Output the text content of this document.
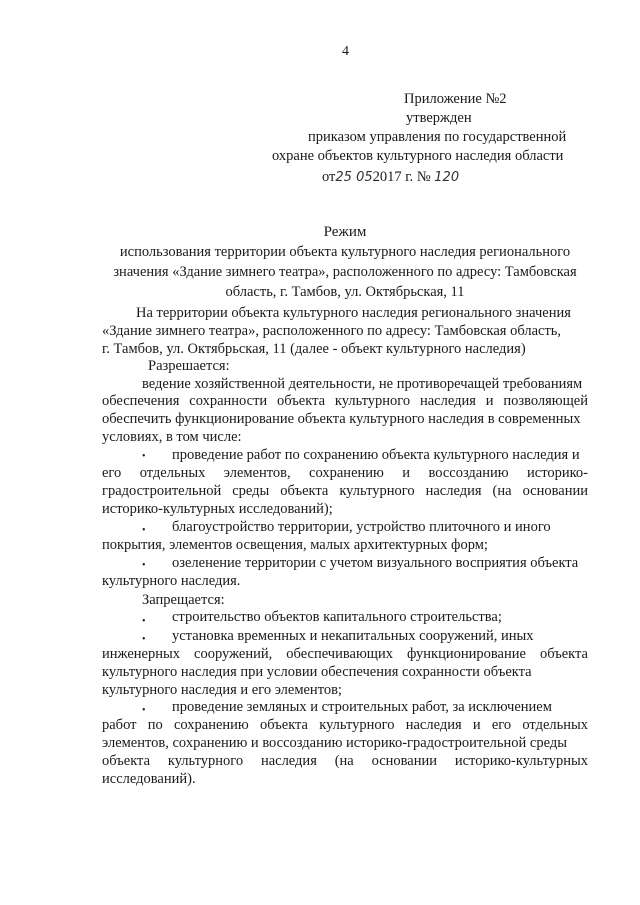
4
Приложение №2
утвержден
приказом управления по государственной
охране объектов культурного наследия области
от25 052017 г. № 120
Режим
использования территории объекта культурного наследия регионального
значения «Здание зимнего театра», расположенного по адресу: Тамбовская
область, г. Тамбов, ул. Октябрьская, 11
На территории объекта культурного наследия регионального значения
«Здание зимнего театра», расположенного по адресу: Тамбовская область,
г. Тамбов, ул. Октябрьская, 11 (далее - объект культурного наследия)
Разрешается:
ведение хозяйственной деятельности, не противоречащей требованиям
обеспечения сохранности объекта культурного наследия и позволяющей
обеспечить функционирование объекта культурного наследия в современных
условиях, в том числе:
• проведение работ по сохранению объекта культурного наследия и
его отдельных элементов, сохранению и воссозданию историко-
градостроительной среды объекта культурного наследия (на основании
историко-культурных исследований);
• благоустройство территории, устройство плиточного и иного
покрытия, элементов освещения, малых архитектурных форм;
• озеленение территории с учетом визуального восприятия объекта
культурного наследия.
Запрещается:
• строительство объектов капитального строительства;
• установка временных и некапитальных сооружений, иных
инженерных сооружений, обеспечивающих функционирование объекта
культурного наследия при условии обеспечения сохранности объекта
культурного наследия и его элементов;
• проведение земляных и строительных работ, за исключением
работ по сохранению объекта культурного наследия и его отдельных
элементов, сохранению и воссозданию историко-градостроительной среды
объекта культурного наследия (на основании историко-культурных
исследований).
